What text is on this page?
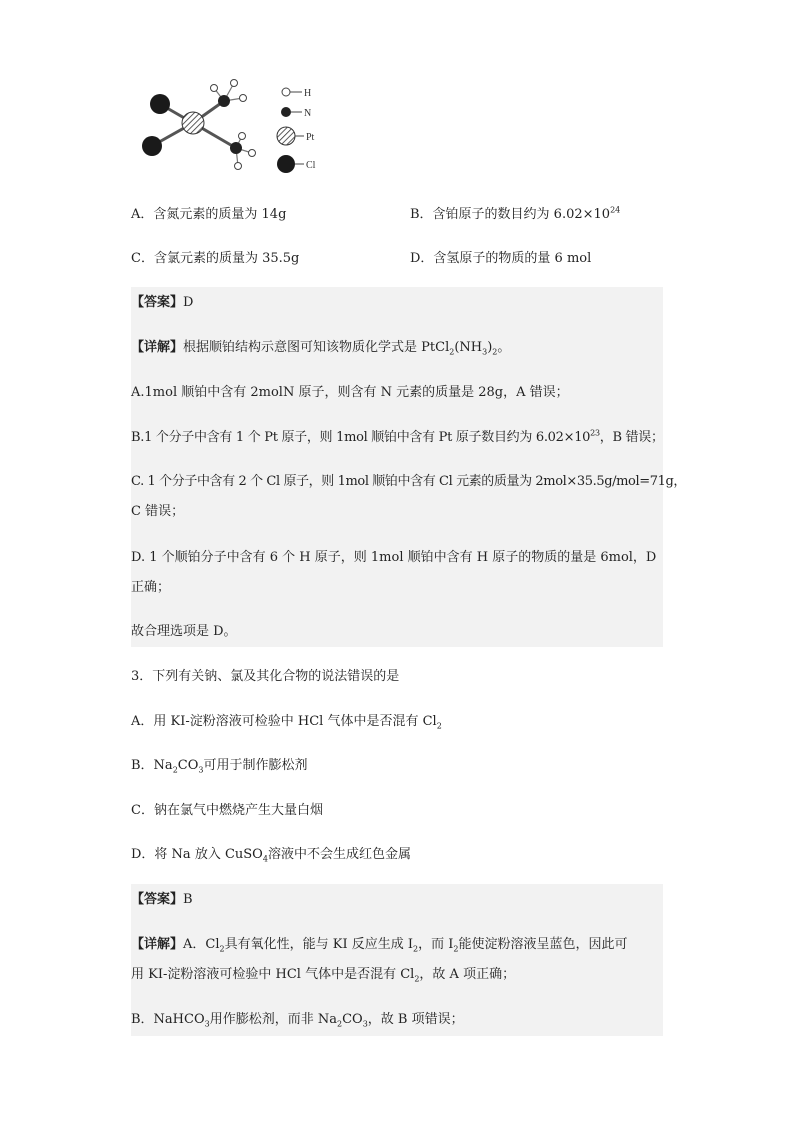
H
N
Pt
Cl
A．含氮元素的质量为 14g	B．含铂原子的数目约为 $6.02\times 10^{24}$
C．含氯元素的质量为 35.5g	D．含氢原子的物质的量 6 mol
【答案】D
【详解】根据顺铂结构示意图可知该物质化学式是 $PtCl_2(NH_3)_2$。
A.1mol 顺铂中含有 2molN 原子，则含有 N 元素的质量是 28g，A 错误；
B.1 个分子中含有 1 个 Pt 原子，则 1mol 顺铂中含有 Pt 原子数目约为 $6.02\times 10^{23}$，B 错误；
C. 1 个分子中含有 2 个 Cl 原子，则 1mol 顺铂中含有 Cl 元素的质量为 2mol×35.5g/mol=71g，
C 错误；
D. 1 个顺铂分子中含有 6 个 H 原子，则 1mol 顺铂中含有 H 原子的物质的量是 6mol，D
正确；
故合理选项是 D。
3．下列有关钠、氯及其化合物的说法错误的是
A．用 KI-淀粉溶液可检验中 HCl 气体中是否混有 $Cl_2$
B．$Na_2CO_3$可用于制作膨松剂
C．钠在氯气中燃烧产生大量白烟
D．将 Na 放入 CuSO$_4$溶液中不会生成红色金属
【答案】B
【详解】A．$Cl_2$具有氧化性，能与 KI 反应生成 $I_2$，而 $I_2$能使淀粉溶液呈蓝色，因此可
用 KI-淀粉溶液可检验中 HCl 气体中是否混有 $Cl_2$，故 A 项正确；
B．NaHCO$_3$用作膨松剂，而非 $Na_2CO_3$，故 B 项错误；
